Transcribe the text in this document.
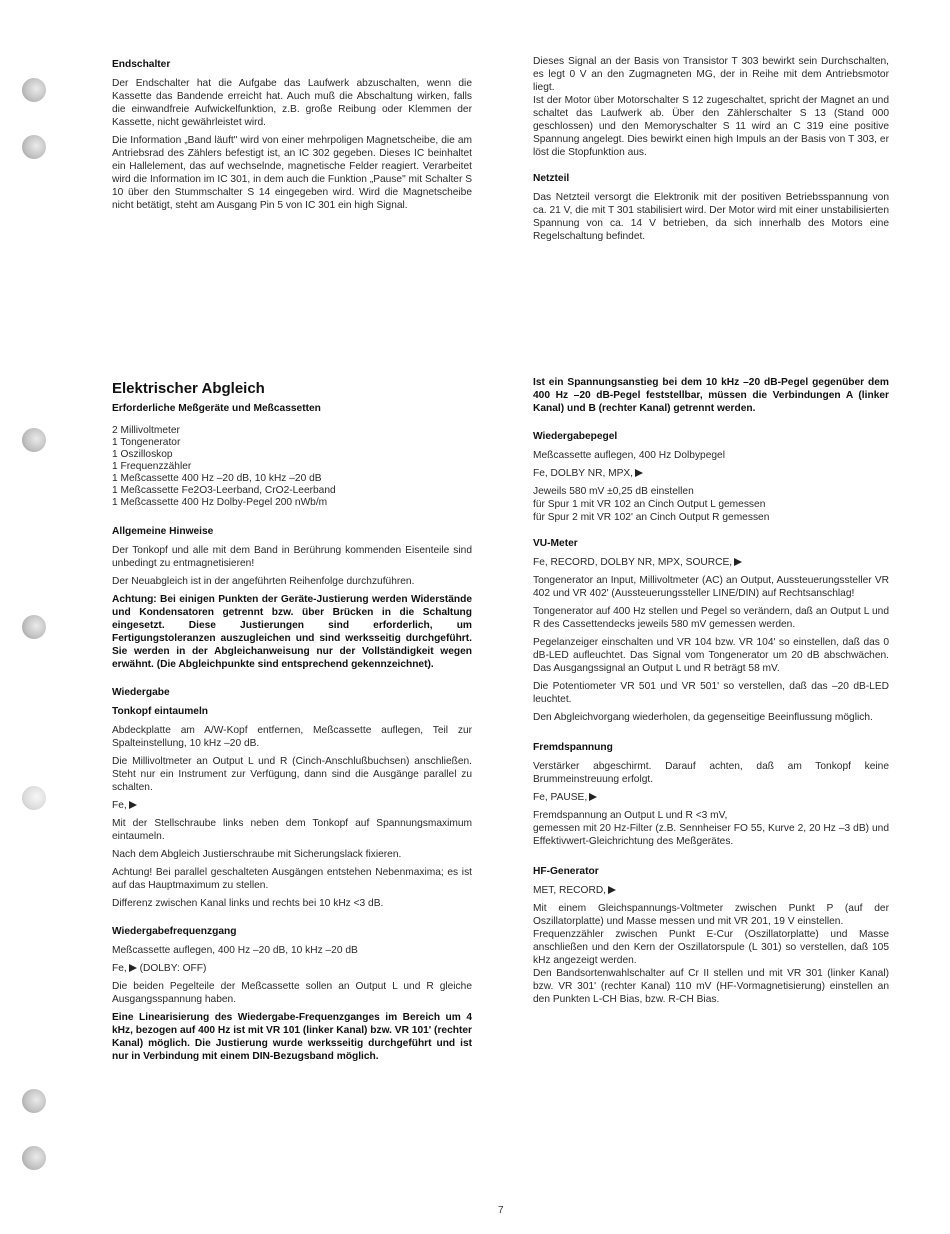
Endschalter

Der Endschalter hat die Aufgabe das Laufwerk abzuschalten, wenn die Kassette das Bandende erreicht hat. Auch muß die Abschaltung wirken, falls die einwandfreie Aufwickelfunktion, z.B. große Reibung oder Klemmen der Kassette, nicht gewährleistet wird.

Die Information „Band läuft" wird von einer mehrpoligen Magnetscheibe, die am Antriebsrad des Zählers befestigt ist, an IC 302 gegeben. Dieses IC beinhaltet ein Hallelement, das auf wechselnde, magnetische Felder reagiert. Verarbeitet wird die Information im IC 301, in dem auch die Funktion „Pause" mit Schalter S 10 über den Stummschalter S 14 eingegeben wird. Wird die Magnetscheibe nicht betätigt, steht am Ausgang Pin 5 von IC 301 ein high Signal.

Dieses Signal an der Basis von Transistor T 303 bewirkt sein Durchschalten, es legt 0 V an den Zugmagneten MG, der in Reihe mit dem Antriebsmotor liegt.

Ist der Motor über Motorschalter S 12 zugeschaltet, spricht der Magnet an und schaltet das Laufwerk ab. Über den Zählerschalter S 13 (Stand 000 geschlossen) und den Memoryschalter S 11 wird an C 319 eine positive Spannung angelegt. Dies bewirkt einen high Impuls an der Basis von T 303, er löst die Stopfunktion aus.

Netzteil

Das Netzteil versorgt die Elektronik mit der positiven Betriebsspannung von ca. 21 V, die mit T 301 stabilisiert wird. Der Motor wird mit einer unstabilisierten Spannung von ca. 14 V betrieben, da sich innerhalb des Motors eine Regelschaltung befindet.

Elektrischer Abgleich
Erforderliche Meßgeräte und Meßcassetten
2 Millivoltmeter
1 Tongenerator
1 Oszilloskop
1 Frequenzzähler
1 Meßcassette 400 Hz –20 dB, 10 kHz –20 dB
1 Meßcassette Fe2O3-Leerband, CrO2-Leerband
1 Meßcassette 400 Hz Dolby-Pegel 200 nWb/m
Allgemeine Hinweise

Der Tonkopf und alle mit dem Band in Berührung kommenden Eisenteile sind unbedingt zu entmagnetisieren!

Der Neuabgleich ist in der angeführten Reihenfolge durchzuführen.

Achtung: Bei einigen Punkten der Geräte-Justierung werden Widerstände und Kondensatoren getrennt bzw. über Brücken in die Schaltung eingesetzt. Diese Justierungen sind erforderlich, um Fertigungstoleranzen auszugleichen und sind werksseitig durchgeführt. Sie werden in der Abgleichanweisung nur der Vollständigkeit wegen erwähnt. (Die Abgleichpunkte sind entsprechend gekennzeichnet).

Wiedergabe
Tonkopf eintaumeln

Abdeckplatte am A/W-Kopf entfernen, Meßcassette auflegen, Teil zur Spalteinstellung, 10 kHz –20 dB.

Die Millivoltmeter an Output L und R (Cinch-Anschlußbuchsen) anschließen. Steht nur ein Instrument zur Verfügung, dann sind die Ausgänge parallel zu schalten.

Fe,

Mit der Stellschraube links neben dem Tonkopf auf Spannungsmaximum eintaumeln.

Nach dem Abgleich Justierschraube mit Sicherungslack fixieren.

Achtung! Bei parallel geschalteten Ausgängen entstehen Nebenmaxima; es ist auf das Hauptmaximum zu stellen.

Differenz zwischen Kanal links und rechts bei 10 kHz <3 dB.

Wiedergabefrequenzgang

Meßcassette auflegen, 400 Hz –20 dB, 10 kHz –20 dB

Fe, (DOLBY: OFF)

Die beiden Pegelteile der Meßcassette sollen an Output L und R gleiche Ausgangsspannung haben.

Eine Linearisierung des Wiedergabe-Frequenzganges im Bereich um 4 kHz, bezogen auf 400 Hz ist mit VR 101 (linker Kanal) bzw. VR 101' (rechter Kanal) möglich. Die Justierung wurde werksseitig durchgeführt und ist nur in Verbindung mit einem DIN-Bezugsband möglich.

Ist ein Spannungsanstieg bei dem 10 kHz –20 dB-Pegel gegenüber dem 400 Hz –20 dB-Pegel feststellbar, müssen die Verbindungen A (linker Kanal) und B (rechter Kanal) getrennt werden.

Wiedergabepegel

Meßcassette auflegen, 400 Hz Dolbypegel

Fe, DOLBY NR, MPX,

Jeweils 580 mV ±0,25 dB einstellen

für Spur 1 mit VR 102 an Cinch Output L gemessen

für Spur 2 mit VR 102' an Cinch Output R gemessen

VU-Meter

Fe, RECORD, DOLBY NR, MPX, SOURCE,

Tongenerator an Input, Millivoltmeter (AC) an Output, Aussteuerungssteller VR 402 und VR 402' (Aussteuerungssteller LINE/DIN) auf Rechtsanschlag!

Tongenerator auf 400 Hz stellen und Pegel so verändern, daß an Output L und R des Cassettendecks jeweils 580 mV gemessen werden.

Pegelanzeiger einschalten und VR 104 bzw. VR 104' so einstellen, daß das 0 dB-LED aufleuchtet. Das Signal vom Tongenerator um 20 dB abschwächen. Das Ausgangssignal an Output L und R beträgt 58 mV.

Die Potentiometer VR 501 und VR 501' so verstellen, daß das –20 dB-LED leuchtet.

Den Abgleichvorgang wiederholen, da gegenseitige Beeinflussung möglich.

Fremdspannung

Verstärker abgeschirmt. Darauf achten, daß am Tonkopf keine Brummeinstreuung erfolgt.

Fe, PAUSE,

Fremdspannung an Output L und R <3 mV,

gemessen mit 20 Hz-Filter (z.B. Sennheiser FO 55, Kurve 2, 20 Hz –3 dB) und Effektivwert-Gleichrichtung des Meßgerätes.

HF-Generator

MET, RECORD,

Mit einem Gleichspannungs-Voltmeter zwischen Punkt P (auf der Oszillatorplatte) und Masse messen und mit VR 201, 19 V einstellen.

Frequenzzähler zwischen Punkt E-Cur (Oszillatorplatte) und Masse anschließen und den Kern der Oszillatorspule (L 301) so verstellen, daß 105 kHz angezeigt werden.

Den Bandsortenwahlschalter auf Cr II stellen und mit VR 301 (linker Kanal) bzw. VR 301' (rechter Kanal) 110 mV (HF-Vormagnetisierung) einstellen an den Punkten L-CH Bias, bzw. R-CH Bias.

7
